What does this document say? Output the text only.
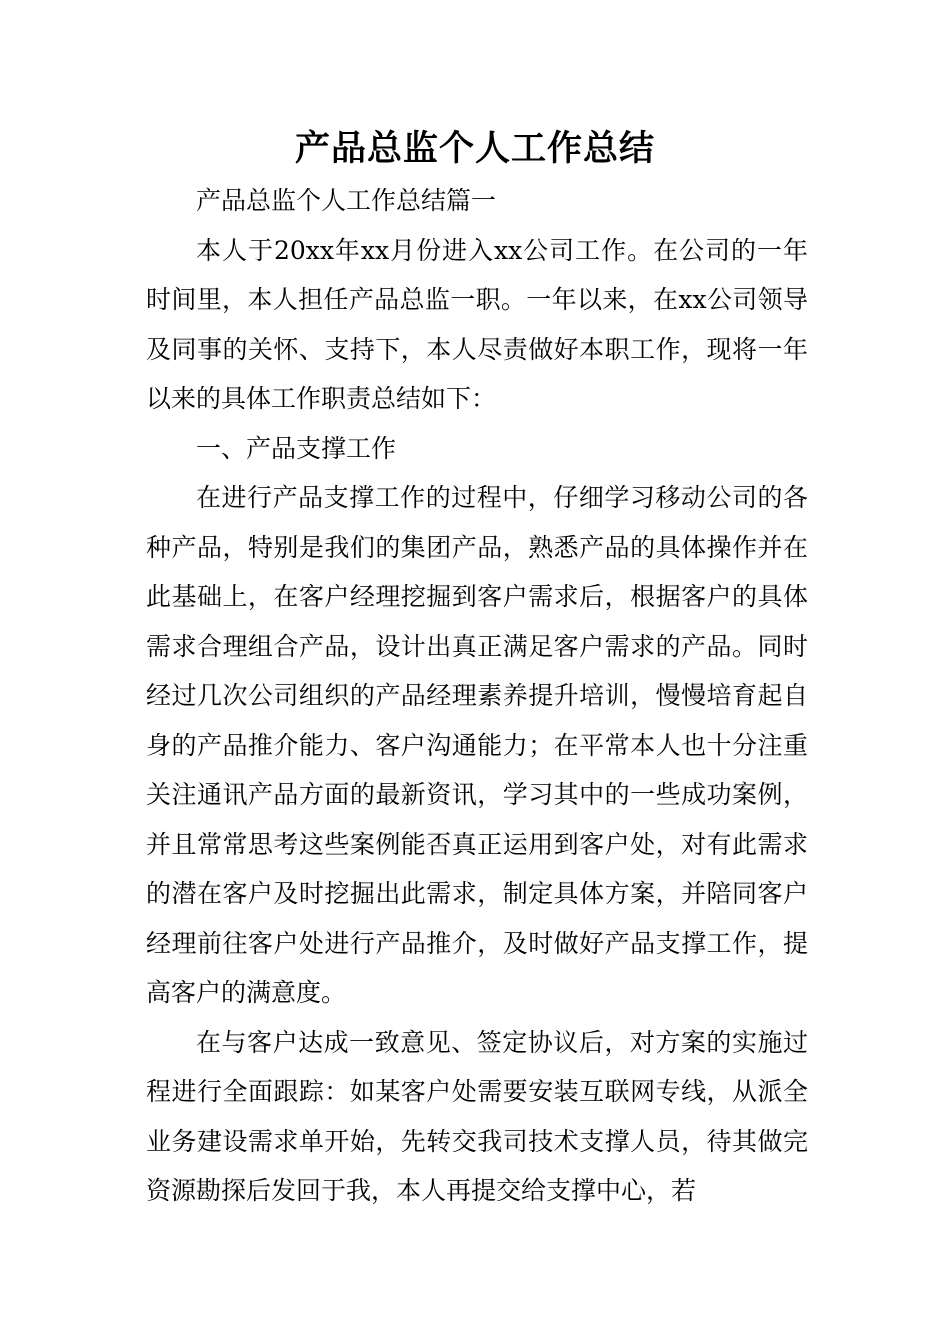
产品总监个人工作总结

产品总监个人工作总结篇一

本人于20xx年xx月份进入xx公司工作。在公司的一年时间里，本人担任产品总监一职。一年以来，在xx公司领导及同事的关怀、支持下，本人尽责做好本职工作，现将一年以来的具体工作职责总结如下：

一、产品支撑工作

在进行产品支撑工作的过程中，仔细学习移动公司的各种产品，特别是我们的集团产品，熟悉产品的具体操作并在此基础上，在客户经理挖掘到客户需求后，根据客户的具体需求合理组合产品，设计出真正满足客户需求的产品。同时经过几次公司组织的产品经理素养提升培训，慢慢培育起自身的产品推介能力、客户沟通能力；在平常本人也十分注重关注通讯产品方面的最新资讯，学习其中的一些成功案例，并且常常思考这些案例能否真正运用到客户处，对有此需求的潜在客户及时挖掘出此需求，制定具体方案，并陪同客户经理前往客户处进行产品推介，及时做好产品支撑工作，提高客户的满意度。

在与客户达成一致意见、签定协议后，对方案的实施过程进行全面跟踪：如某客户处需要安装互联网专线，从派全业务建设需求单开始，先转交我司技术支撑人员，待其做完资源勘探后发回于我，本人再提交给支撑中心，若
